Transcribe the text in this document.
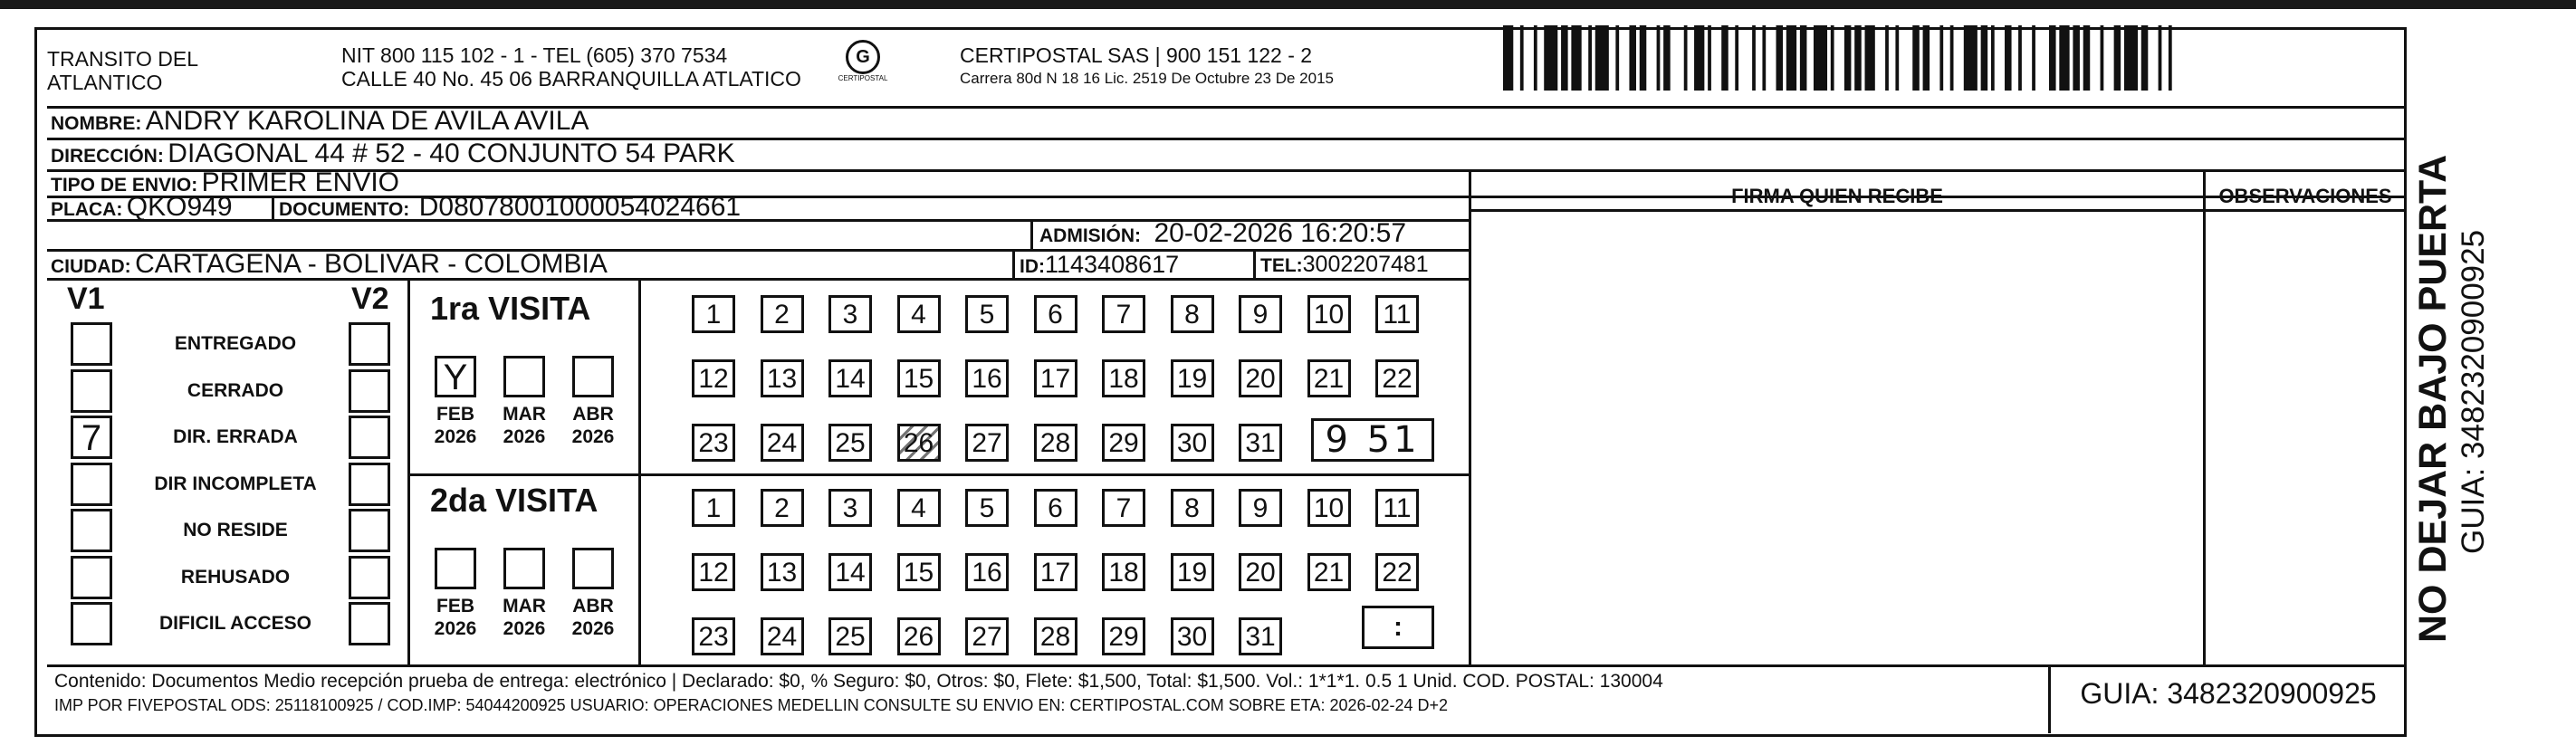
TRANSITO DEL
ATLANTICO
NIT 800 115 102 - 1 - TEL (605) 370 7534
CALLE 40 No. 45 06 BARRANQUILLA ATLATICO
G
CERTIPOSTAL
CERTIPOSTAL SAS | 900 151 122 - 2
Carrera 80d N 18 16 Lic. 2519 De Octubre 23 De 2015
NOMBRE: ANDRY KAROLINA DE AVILA AVILA
DIRECCIÓN: DIAGONAL 44 # 52 - 40 CONJUNTO 54 PARK
TIPO DE ENVIO: PRIMER ENVIO
PLACA: QKO949 DOCUMENTO: D08078001000054024661
ADMISIÓN: 20-02-2026 16:20:57
CIUDAD: CARTAGENA - BOLIVAR - COLOMBIA	ID:1143408617	TEL:3002207481
FIRMA QUIEN RECIBE	OBSERVACIONES
V1	V2
ENTREGADO
CERRADO
7	DIR. ERRADA
DIR INCOMPLETA
NO RESIDE
REHUSADO
DIFICIL ACCESO
1ra VISITA
Y
FEB
2026
MAR
2026
ABR
2026
1	2	3	4	5	6	7	8	9	10 11
12 13 14 15 16 17 18 19 20 21 22
23 24 25 26 27 28 29 30 31	9 51
2da VISITA
FEB
2026
MAR
2026
ABR
2026
1	2	3	4	5	6	7	8	9	10 11
12 13 14 15 16 17 18 19 20 21 22
23 24 25 26 27 28 29 30 31	:
Contenido: Documentos Medio recepción prueba de entrega: electrónico | Declarado: $0, % Seguro: $0, Otros: $0, Flete: $1,500, Total: $1,500. Vol.: 1*1*1. 0.5 1 Unid. COD. POSTAL: 130004
IMP POR FIVEPOSTAL ODS: 25118100925 / COD.IMP: 54044200925 USUARIO: OPERACIONES MEDELLIN CONSULTE SU ENVIO EN: CERTIPOSTAL.COM SOBRE ETA: 2026-02-24 D+2	GUIA: 3482320900925
NO DEJAR BAJO PUERTA GUIA: 3482320900925
